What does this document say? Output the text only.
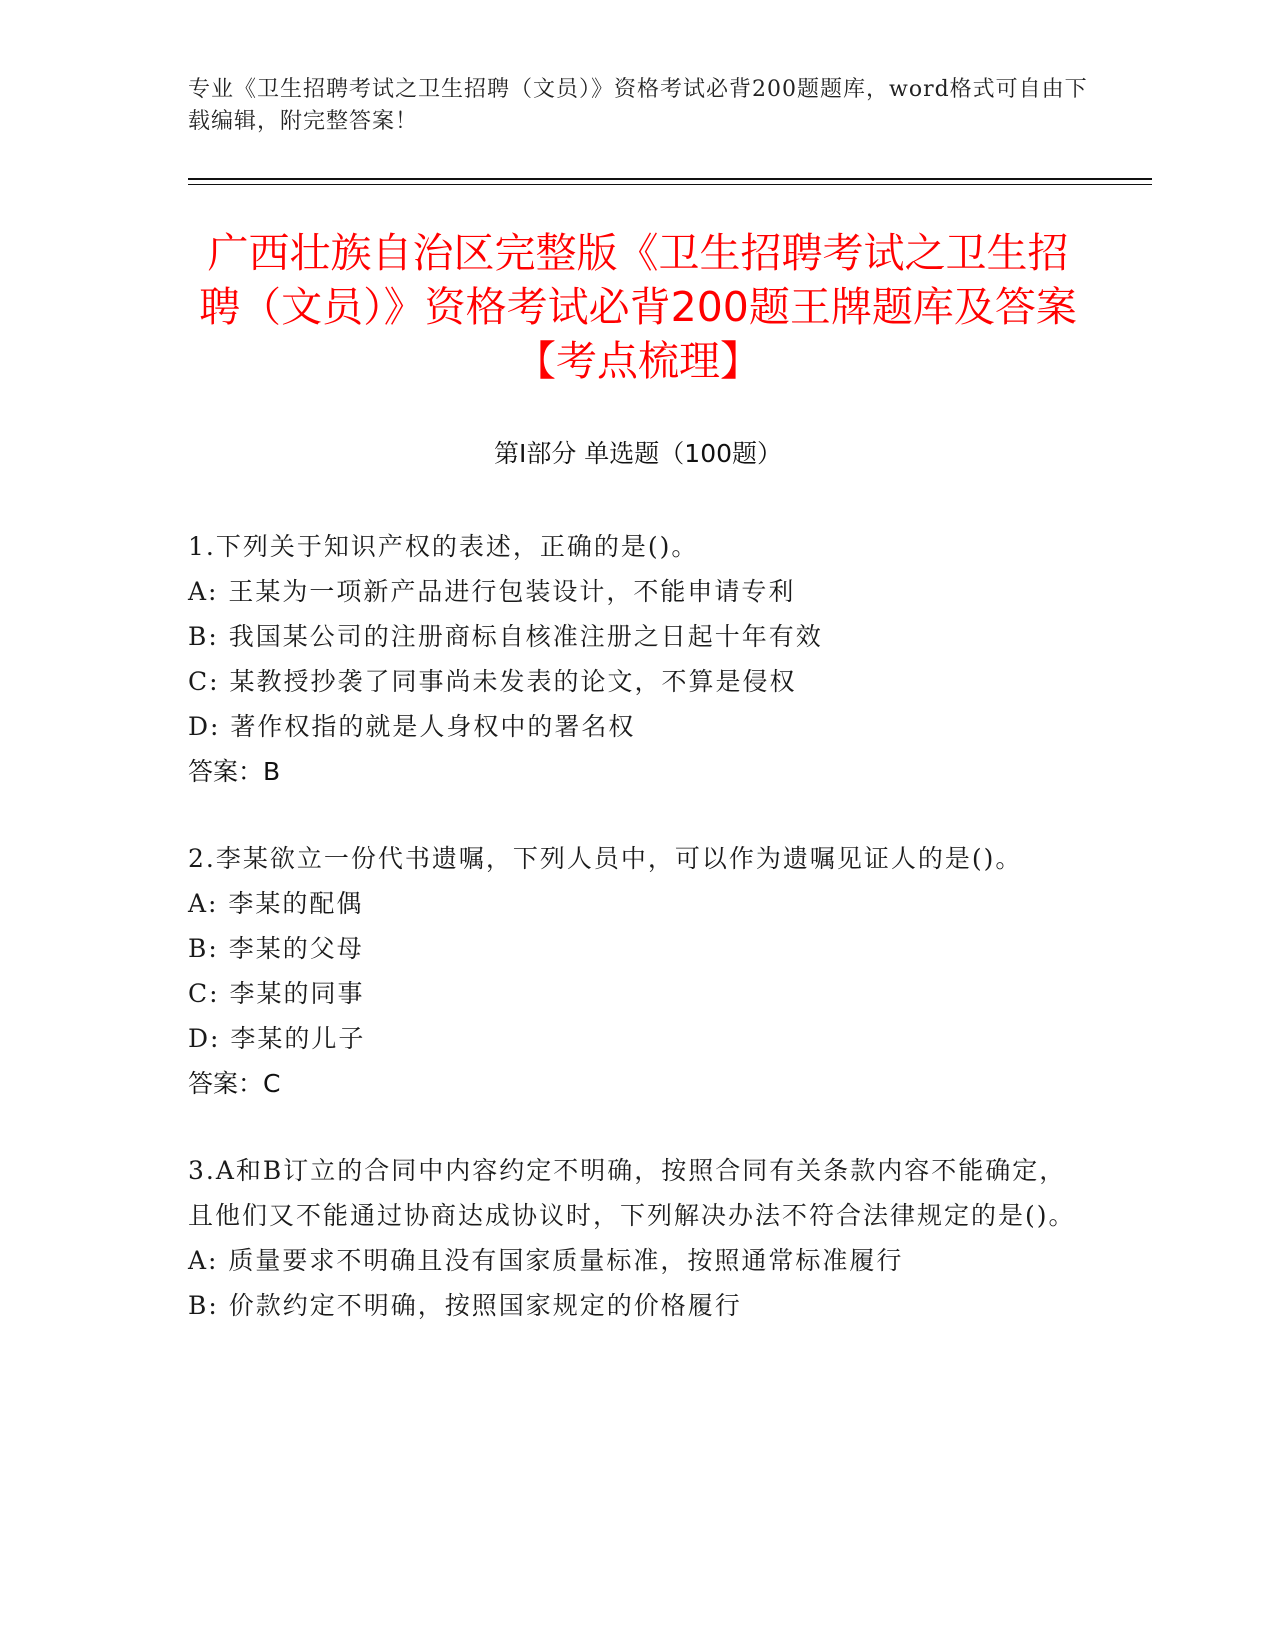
专业《卫生招聘考试之卫生招聘（文员）》资格考试必背200题题库，word格式可自由下载编辑，附完整答案！
广西壮族自治区完整版《卫生招聘考试之卫生招聘（文员）》资格考试必背200题王牌题库及答案【考点梳理】
第Ⅰ部分 单选题（100题）
1.下列关于知识产权的表述，正确的是()。
A: 王某为一项新产品进行包装设计，不能申请专利
B: 我国某公司的注册商标自核准注册之日起十年有效
C: 某教授抄袭了同事尚未发表的论文，不算是侵权
D: 著作权指的就是人身权中的署名权
答案：B
2.李某欲立一份代书遗嘱，下列人员中，可以作为遗嘱见证人的是()。
A: 李某的配偶
B: 李某的父母
C: 李某的同事
D: 李某的儿子
答案：C
3.A和B订立的合同中内容约定不明确，按照合同有关条款内容不能确定，且他们又不能通过协商达成协议时，下列解决办法不符合法律规定的是()。
A: 质量要求不明确且没有国家质量标准，按照通常标准履行
B: 价款约定不明确，按照国家规定的价格履行
